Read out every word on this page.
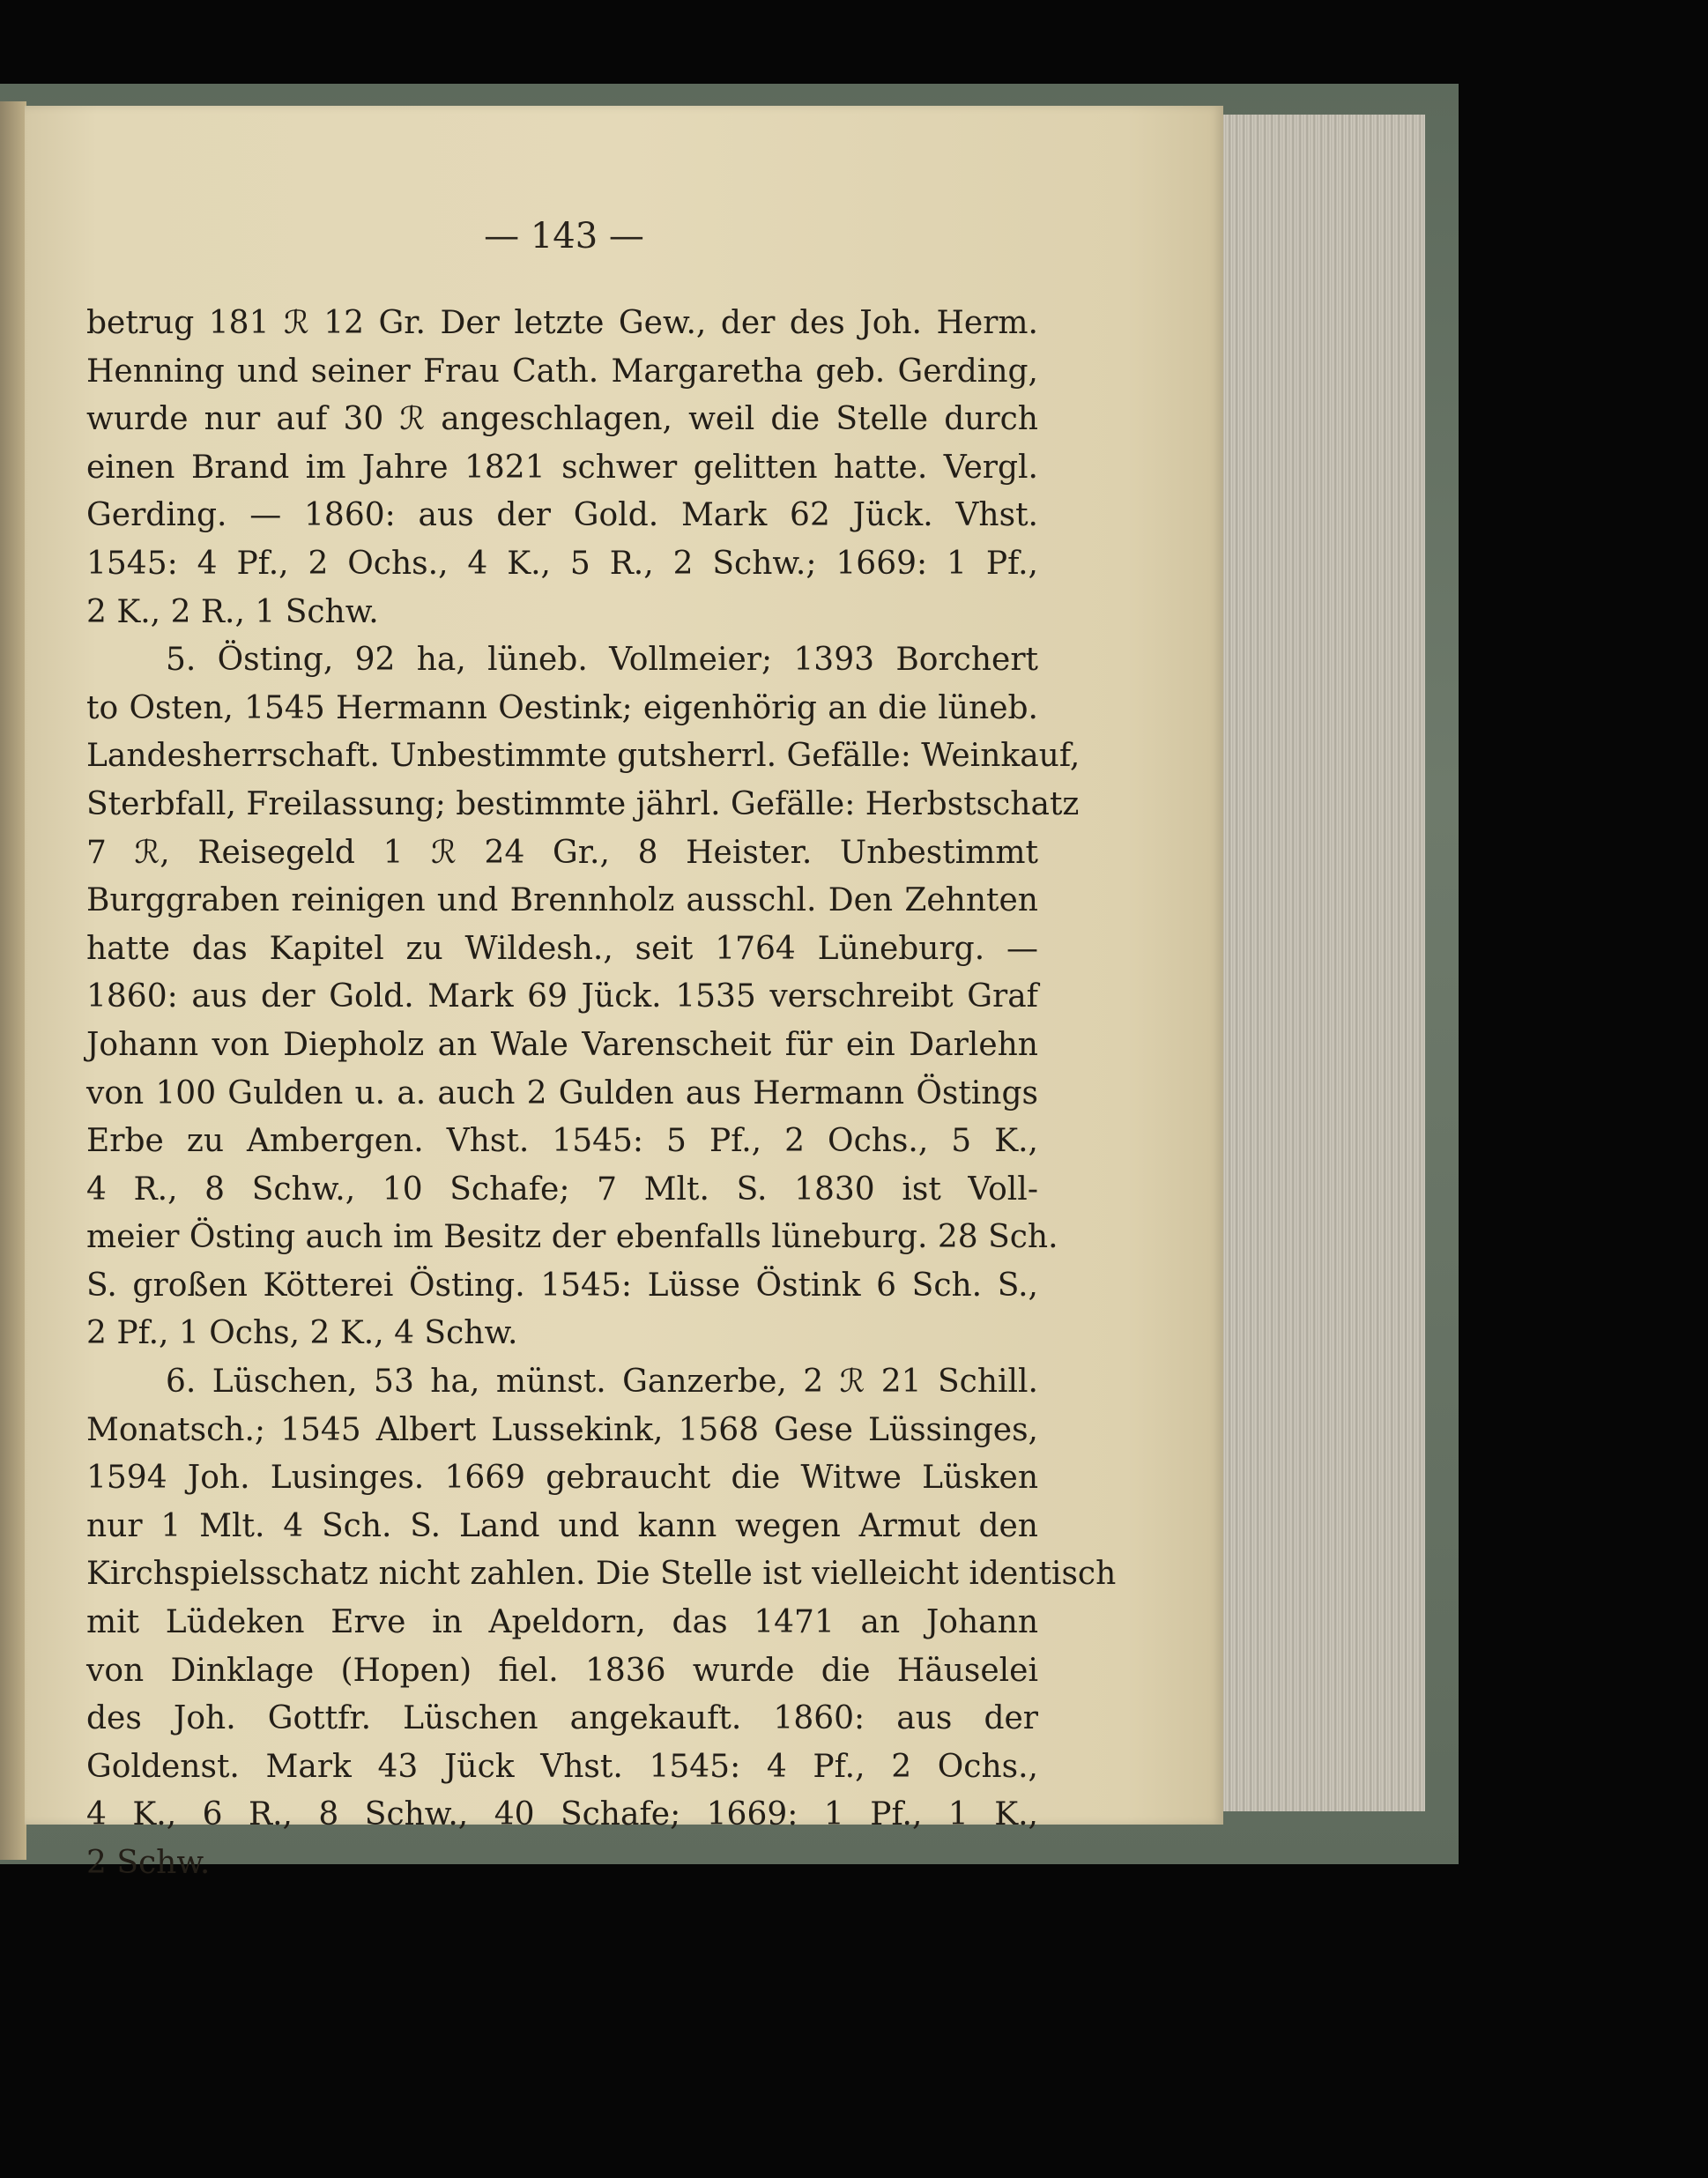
— 143 —
betrug 181 ℛ 12 Gr. Der letzte Gew., der des Joh. Herm.
Henning und seiner Frau Cath. Margaretha geb. Gerding,
wurde nur auf 30 ℛ angeschlagen, weil die Stelle durch
einen Brand im Jahre 1821 schwer gelitten hatte. Vergl.
Gerding. — 1860: aus der Gold. Mark 62 Jück. Vhst.
1545: 4 Pf., 2 Ochs., 4 K., 5 R., 2 Schw.; 1669: 1 Pf.,
2 K., 2 R., 1 Schw.
5. Östing, 92 ha, lüneb. Vollmeier; 1393 Borchert
to Osten, 1545 Hermann Oestink; eigenhörig an die lüneb.
Landesherrschaft. Unbestimmte gutsherrl. Gefälle: Weinkauf,
Sterbfall, Freilassung; bestimmte jährl. Gefälle: Herbstschatz
7 ℛ, Reisegeld 1 ℛ 24 Gr., 8 Heister. Unbestimmt
Burggraben reinigen und Brennholz ausschl. Den Zehnten
hatte das Kapitel zu Wildesh., seit 1764 Lüneburg. —
1860: aus der Gold. Mark 69 Jück. 1535 verschreibt Graf
Johann von Diepholz an Wale Varenscheit für ein Darlehn
von 100 Gulden u. a. auch 2 Gulden aus Hermann Östings
Erbe zu Ambergen. Vhst. 1545: 5 Pf., 2 Ochs., 5 K.,
4 R., 8 Schw., 10 Schafe; 7 Mlt. S. 1830 ist Voll-
meier Östing auch im Besitz der ebenfalls lüneburg. 28 Sch.
S. großen Kötterei Östing. 1545: Lüsse Östink 6 Sch. S.,
2 Pf., 1 Ochs, 2 K., 4 Schw.
6. Lüschen, 53 ha, münst. Ganzerbe, 2 ℛ 21 Schill.
Monatsch.; 1545 Albert Lussekink, 1568 Gese Lüssinges,
1594 Joh. Lusinges. 1669 gebraucht die Witwe Lüsken
nur 1 Mlt. 4 Sch. S. Land und kann wegen Armut den
Kirchspielsschatz nicht zahlen. Die Stelle ist vielleicht identisch
mit Lüdeken Erve in Apeldorn, das 1471 an Johann
von Dinklage (Hopen) fiel. 1836 wurde die Häuselei
des Joh. Gottfr. Lüschen angekauft. 1860: aus der
Goldenst. Mark 43 Jück Vhst. 1545: 4 Pf., 2 Ochs.,
4 K., 6 R., 8 Schw., 40 Schafe; 1669: 1 Pf., 1 K.,
2 Schw.
